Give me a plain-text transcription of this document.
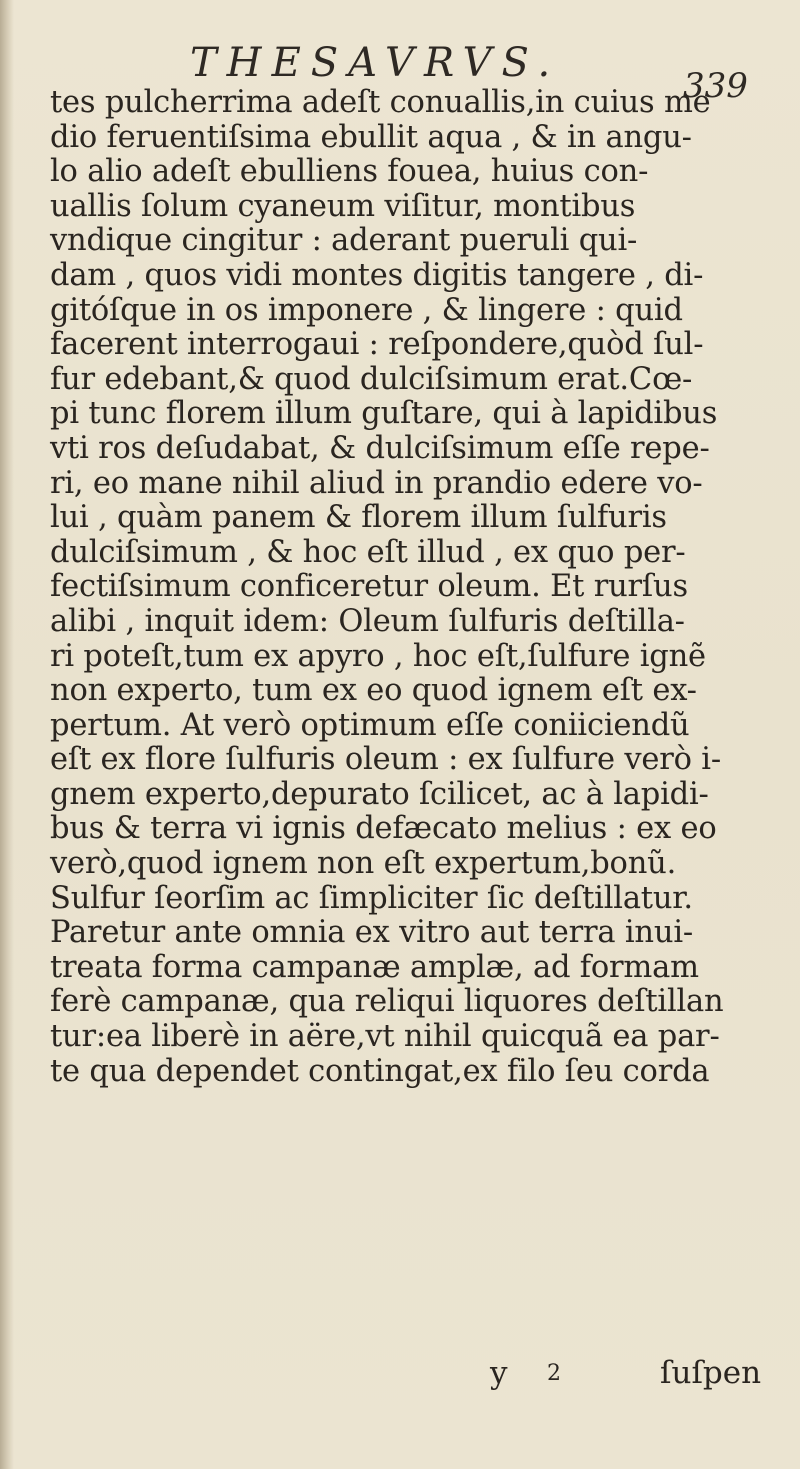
THESAVRVS.	339
tes pulcherrima adeſt conuallis,in cuius me
dio feruentiſsima ebullit aqua , & in angu-
lo alio adeſt ebulliens fouea, huius con-
uallis ſolum cyaneum viſitur, montibus
vndique cingitur : aderant pueruli qui-
dam , quos vidi montes digitis tangere , di-
gitóſque in os imponere , & lingere : quid
facerent interrogaui : reſpondere,quòd ſul-
fur edebant,& quod dulciſsimum erat.Cœ-
pi tunc florem illum guſtare, qui à lapidibus
vti ros deſudabat, & dulciſsimum eſſe repe-
ri, eo mane nihil aliud in prandio edere vo-
lui , quàm panem & florem illum ſulfuris
dulciſsimum , & hoc eſt illud , ex quo per-
fectiſsimum conficeretur oleum. Et rurſus
alibi , inquit idem: Oleum ſulfuris deſtilla-
ri poteſt,tum ex apyro , hoc eſt,ſulfure ignẽ
non experto, tum ex eo quod ignem eſt ex-
pertum. At verò optimum eſſe coniiciendũ
eſt ex flore ſulfuris oleum : ex ſulfure verò i-
gnem experto,depurato ſcilicet, ac à lapidi-
bus & terra vi ignis defæcato melius : ex eo
verò,quod ignem non eſt expertum,bonũ.
Sulfur ſeorſim ac ſimpliciter ſic deſtillatur.
Paretur ante omnia ex vitro aut terra inui-
treata forma campanæ amplæ, ad formam
ferè campanæ, qua reliqui liquores deſtillan
tur:ea liberè in aëre,vt nihil quicquã ea par-
te qua dependet contingat,ex filo ſeu corda
y 2	ſuſpen
